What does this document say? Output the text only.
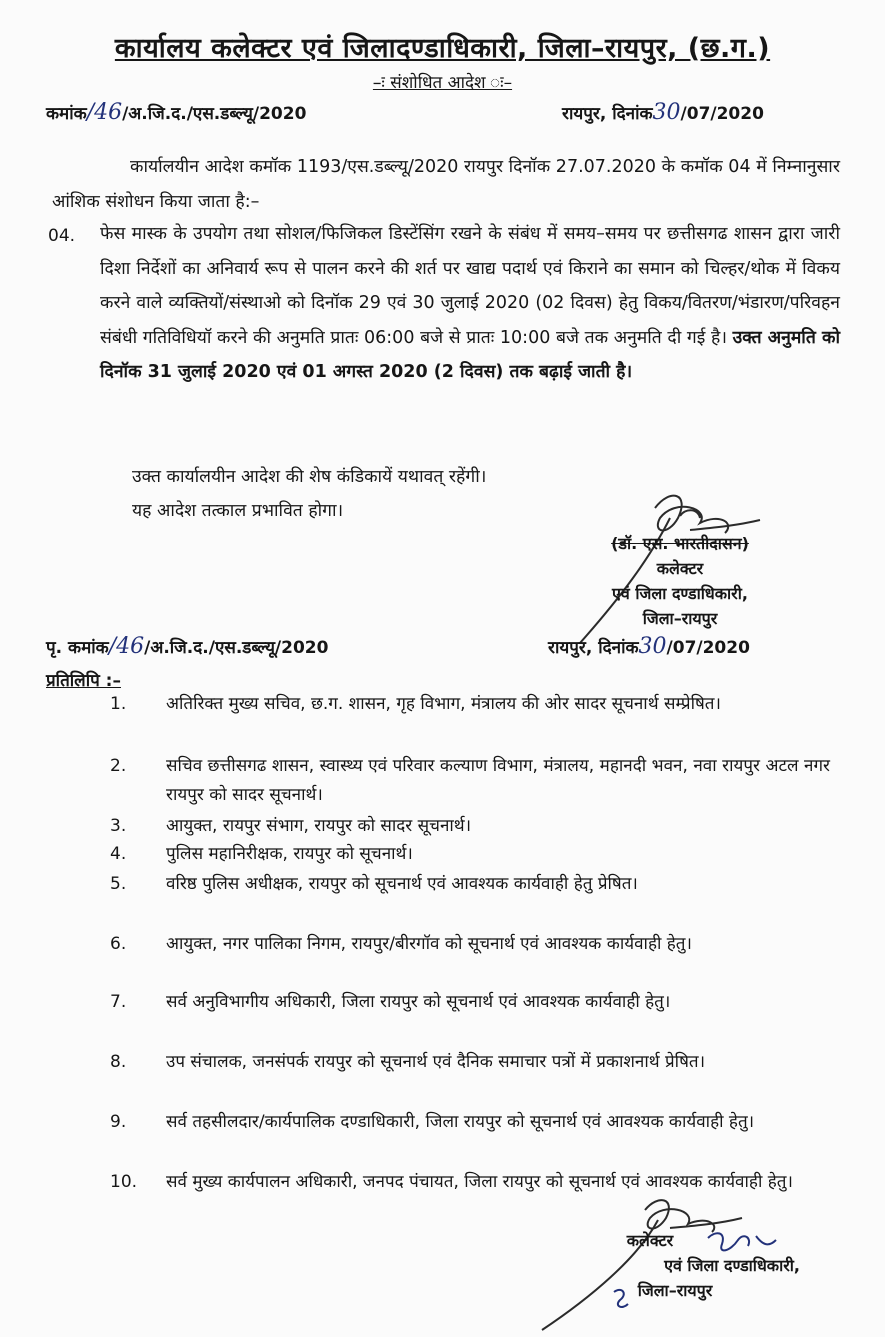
कार्यालय कलेक्टर एवं जिलादण्डाधिकारी, जिला–रायपुर, (छ.ग.)
–ः संशोधित आदेश ः–
कमांक/46/अ.जि.द./एस.डब्ल्यू/2020	रायपुर, दिनांक30/07/2020
कार्यालयीन आदेश कमॉक 1193/एस.डब्ल्यू/2020 रायपुर दिनॉक 27.07.2020 के कमॉक 04 में निम्नानुसार आंशिक संशोधन किया जाता है:–
04. फेस मास्क के उपयोग तथा सोशल/फिजिकल डिस्टेंसिंग रखने के संबंध में समय–समय पर छत्तीसगढ शासन द्वारा जारी दिशा निर्देशों का अनिवार्य रूप से पालन करने की शर्त पर खाद्य पदार्थ एवं किराने का समान को चिल्हर/थोक में विकय करने वाले व्यक्तियों/संस्थाओ को दिनॉक 29 एवं 30 जुलाई 2020 (02 दिवस) हेतु विकय/वितरण/भंडारण/परिवहन संबंधी गतिविधियॉ करने की अनुमति प्रातः 06:00 बजे से प्रातः 10:00 बजे तक अनुमति दी गई है। उक्त अनुमति को दिनॉक 31 जुलाई 2020 एवं 01 अगस्त 2020 (2 दिवस) तक बढ़ाई जाती है।
उक्त कार्यालयीन आदेश की शेष कंडिकायें यथावत् रहेंगी।
यह आदेश तत्काल प्रभावित होगा।
(डॉ. एस. भारतीदासन)
कलेक्टर
एवं जिला दण्डाधिकारी,
जिला–रायपुर
पृ. कमांक/46/अ.जि.द./एस.डब्ल्यू/2020	रायपुर, दिनांक30/07/2020
प्रतिलिपि :–
1.	अतिरिक्त मुख्य सचिव, छ.ग. शासन, गृह विभाग, मंत्रालय की ओर सादर सूचनार्थ सम्प्रेषित।
2.	सचिव छत्तीसगढ शासन, स्वास्थ्य एवं परिवार कल्याण विभाग, मंत्रालय, महानदी भवन, नवा रायपुर अटल नगर रायपुर को सादर सूचनार्थ।
3.	आयुक्त, रायपुर संभाग, रायपुर को सादर सूचनार्थ।
4.	पुलिस महानिरीक्षक, रायपुर को सूचनार्थ।
5.	वरिष्ठ पुलिस अधीक्षक, रायपुर को सूचनार्थ एवं आवश्यक कार्यवाही हेतु प्रेषित।
6.	आयुक्त, नगर पालिका निगम, रायपुर/बीरगॉव को सूचनार्थ एवं आवश्यक कार्यवाही हेतु।
7.	सर्व अनुविभागीय अधिकारी, जिला रायपुर को सूचनार्थ एवं आवश्यक कार्यवाही हेतु।
8.	उप संचालक, जनसंपर्क रायपुर को सूचनार्थ एवं दैनिक समाचार पत्रों में प्रकाशनार्थ प्रेषित।
9.	सर्व तहसीलदार/कार्यपालिक दण्डाधिकारी, जिला रायपुर को सूचनार्थ एवं आवश्यक कार्यवाही हेतु।
10.	सर्व मुख्य कार्यपालन अधिकारी, जनपद पंचायत, जिला रायपुर को सूचनार्थ एवं आवश्यक कार्यवाही हेतु।
कलेक्टर
एवं जिला दण्डाधिकारी,
जिला–रायपुर
